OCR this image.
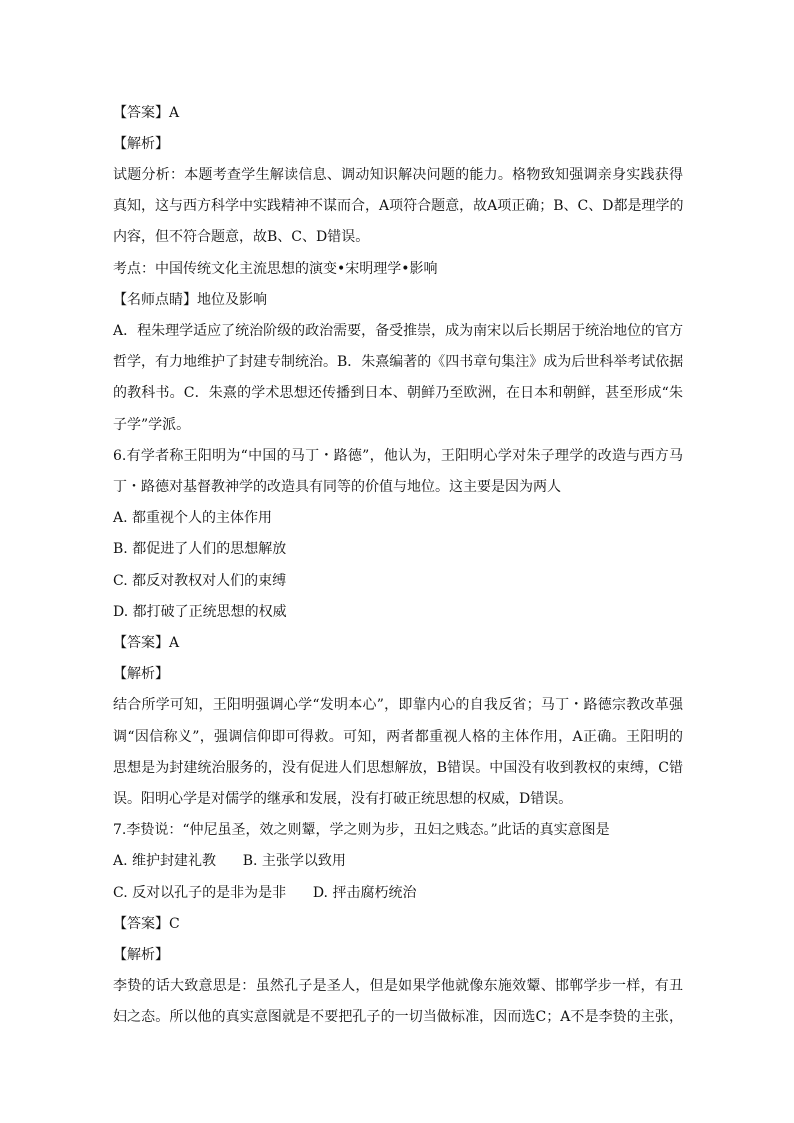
【答案】A
【解析】
试题分析：本题考查学生解读信息、调动知识解决问题的能力。格物致知强调亲身实践获得
真知，这与西方科学中实践精神不谋而合，A项符合题意，故A项正确；B、C、D都是理学的
内容，但不符合题意，故B、C、D错误。
考点：中国传统文化主流思想的演变•宋明理学•影响
【名师点睛】地位及影响
A．程朱理学适应了统治阶级的政治需要，备受推崇，成为南宋以后长期居于统治地位的官方
哲学，有力地维护了封建专制统治。B．朱熹编著的《四书章句集注》成为后世科举考试依据
的教科书。C．朱熹的学术思想还传播到日本、朝鲜乃至欧洲，在日本和朝鲜，甚至形成“朱
子学”学派。
6.有学者称王阳明为“中国的马丁・路德”，他认为，王阳明心学对朱子理学的改造与西方马
丁・路德对基督教神学的改造具有同等的价值与地位。这主要是因为两人
A. 都重视个人的主体作用
B. 都促进了人们的思想解放
C. 都反对教权对人们的束缚
D. 都打破了正统思想的权威
【答案】A
【解析】
结合所学可知，王阳明强调心学“发明本心”，即靠内心的自我反省；马丁・路德宗教改革强
调“因信称义”，强调信仰即可得救。可知，两者都重视人格的主体作用，A正确。王阳明的
思想是为封建统治服务的，没有促进人们思想解放，B错误。中国没有收到教权的束缚，C错
误。阳明心学是对儒学的继承和发展，没有打破正统思想的权威，D错误。
7.李贽说：“仲尼虽圣，效之则颦，学之则为步，丑妇之贱态。”此话的真实意图是
A. 维护封建礼教      B. 主张学以致用
C. 反对以孔子的是非为是非      D. 抨击腐朽统治
【答案】C
【解析】
李贽的话大致意思是：虽然孔子是圣人，但是如果学他就像东施效颦、邯郸学步一样，有丑
妇之态。所以他的真实意图就是不要把孔子的一切当做标准，因而选C；A不是李贽的主张，
